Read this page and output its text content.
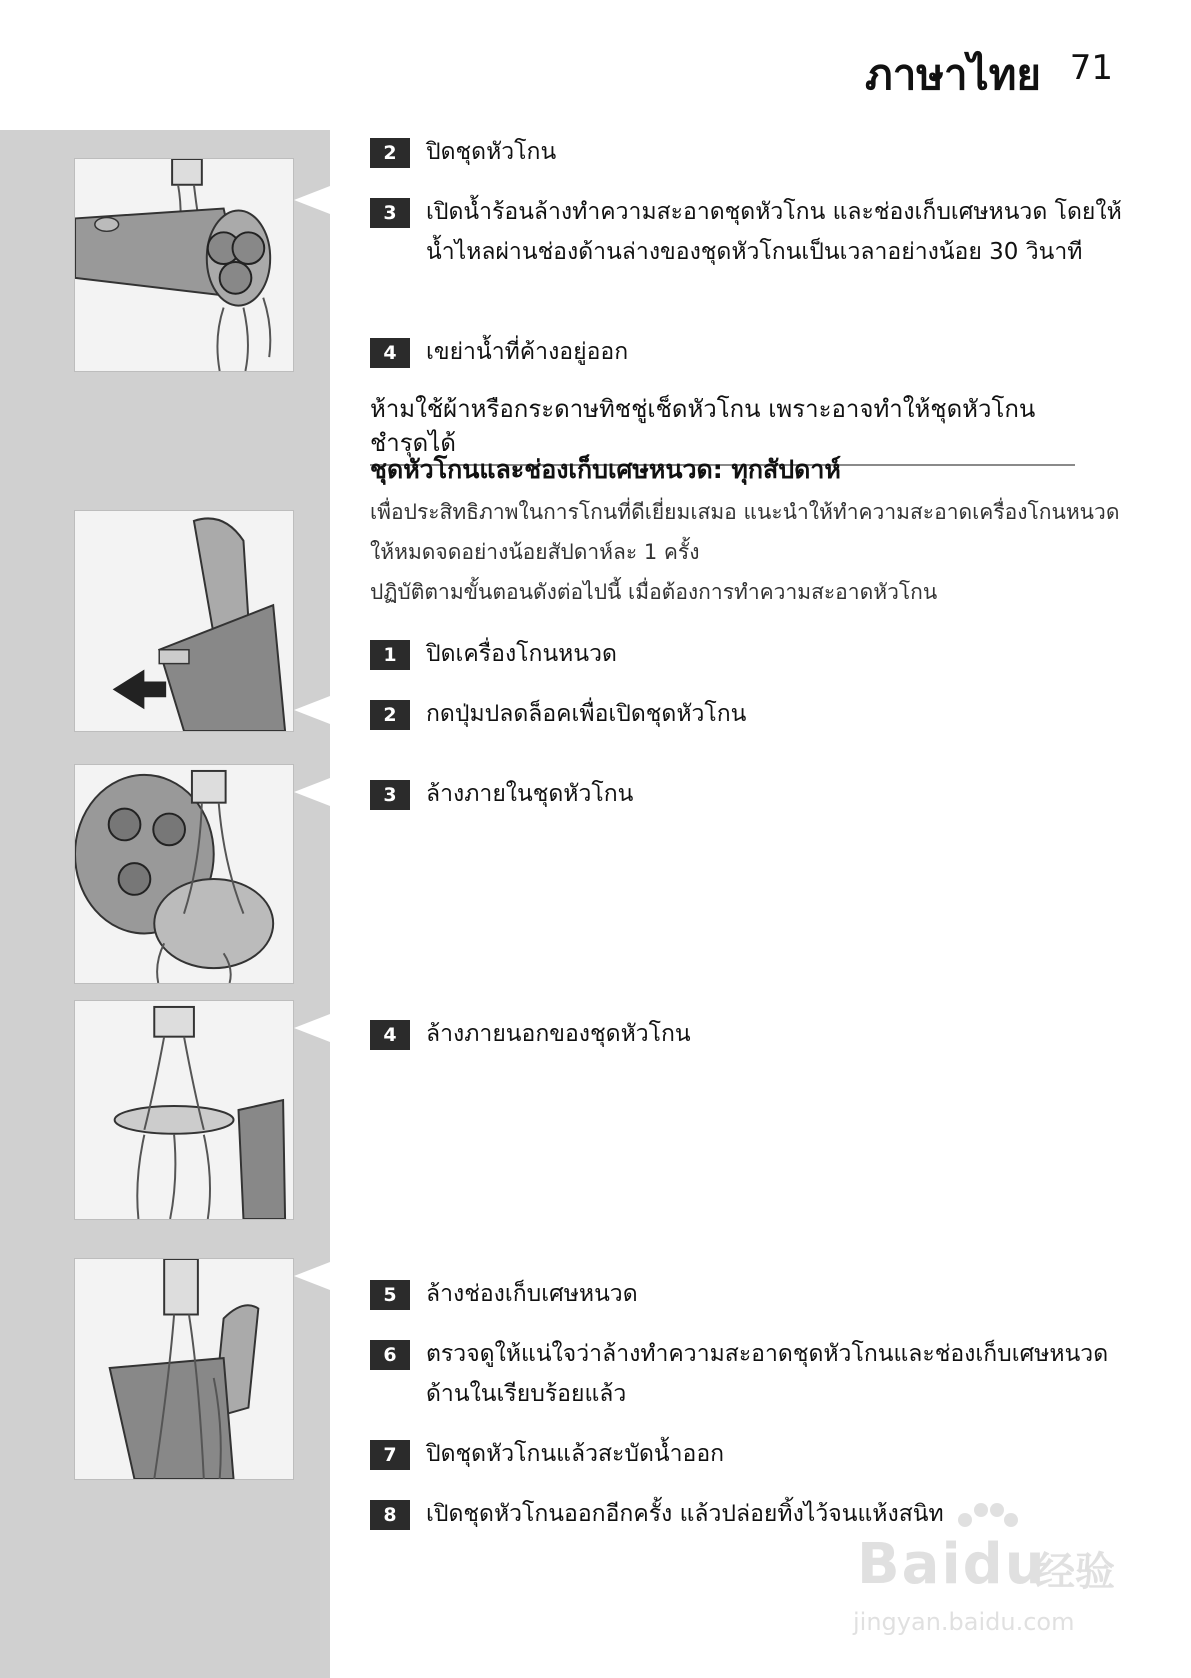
ภาษาไทย 71
2	ปิดชุดหัวโกน
3	เปิดน้ำร้อนล้างทำความสะอาดชุดหัวโกน และช่องเก็บเศษหนวด โดยให้น้ำไหลผ่านช่องด้านล่างของชุดหัวโกนเป็นเวลาอย่างน้อย 30 วินาที
4	เขย่าน้ำที่ค้างอยู่ออก
ห้ามใช้ผ้าหรือกระดาษทิชชู่เช็ดหัวโกน เพราะอาจทำให้ชุดหัวโกนชำรุดได้
ชุดหัวโกนและช่องเก็บเศษหนวด: ทุกสัปดาห์
เพื่อประสิทธิภาพในการโกนที่ดีเยี่ยมเสมอ แนะนำให้ทำความสะอาดเครื่องโกนหนวดให้หมดจดอย่างน้อยสัปดาห์ละ 1 ครั้ง
ปฏิบัติตามขั้นตอนดังต่อไปนี้ เมื่อต้องการทำความสะอาดหัวโกน
1	ปิดเครื่องโกนหนวด
2	กดปุ่มปลดล็อคเพื่อเปิดชุดหัวโกน
3	ล้างภายในชุดหัวโกน
4	ล้างภายนอกของชุดหัวโกน
5	ล้างช่องเก็บเศษหนวด
6	ตรวจดูให้แน่ใจว่าล้างทำความสะอาดชุดหัวโกนและช่องเก็บเศษหนวดด้านในเรียบร้อยแล้ว
7	ปิดชุดหัวโกนแล้วสะบัดน้ำออก
8	เปิดชุดหัวโกนออกอีกครั้ง แล้วปล่อยทิ้งไว้จนแห้งสนิท
Baidu
经验
jingyan.baidu.com
